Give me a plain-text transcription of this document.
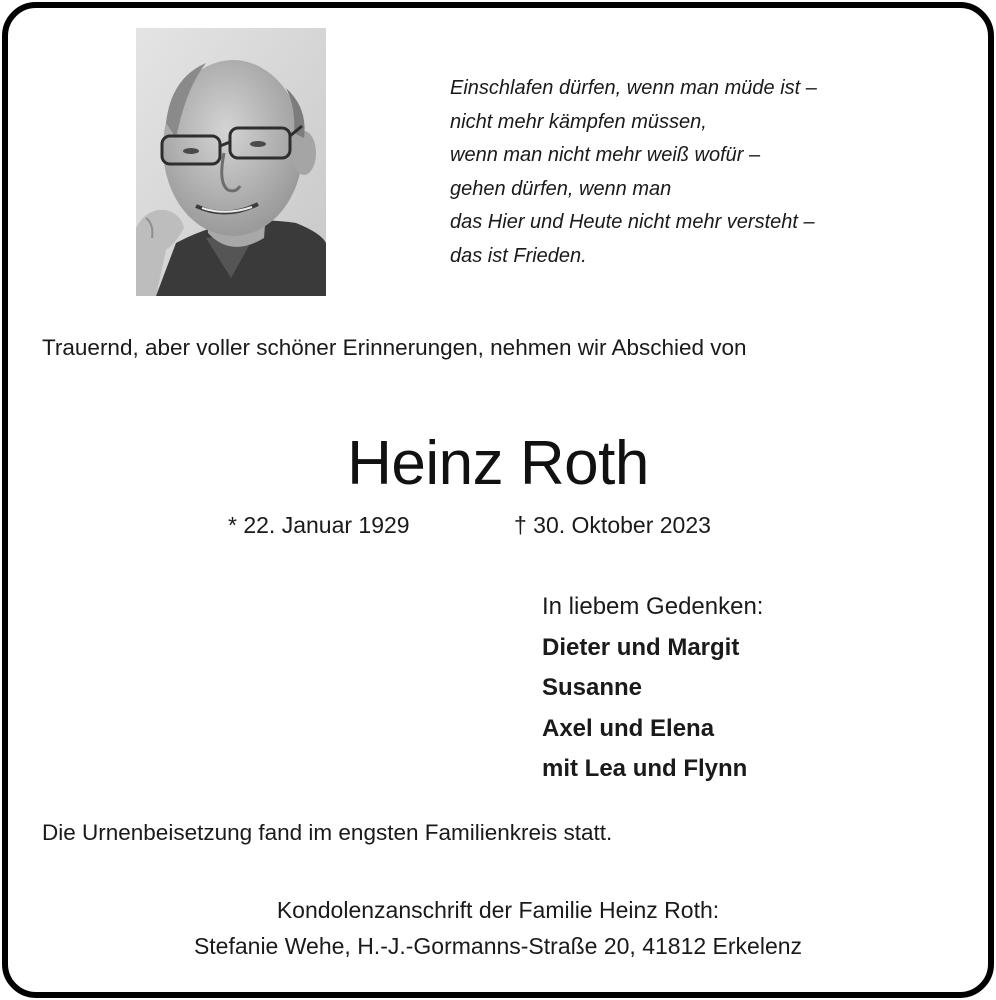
Einschlafen dürfen, wenn man müde ist –
nicht mehr kämpfen müssen,
wenn man nicht mehr weiß wofür –
gehen dürfen, wenn man
das Hier und Heute nicht mehr versteht –
das ist Frieden.
Trauernd, aber voller schöner Erinnerungen, nehmen wir Abschied von
Heinz Roth
* 22. Januar 1929	† 30. Oktober 2023
In liebem Gedenken:
Dieter und Margit
Susanne
Axel und Elena
mit Lea und Flynn
Die Urnenbeisetzung fand im engsten Familienkreis statt.
Kondolenzanschrift der Familie Heinz Roth:
Stefanie Wehe, H.-J.-Gormanns-Straße 20, 41812 Erkelenz
